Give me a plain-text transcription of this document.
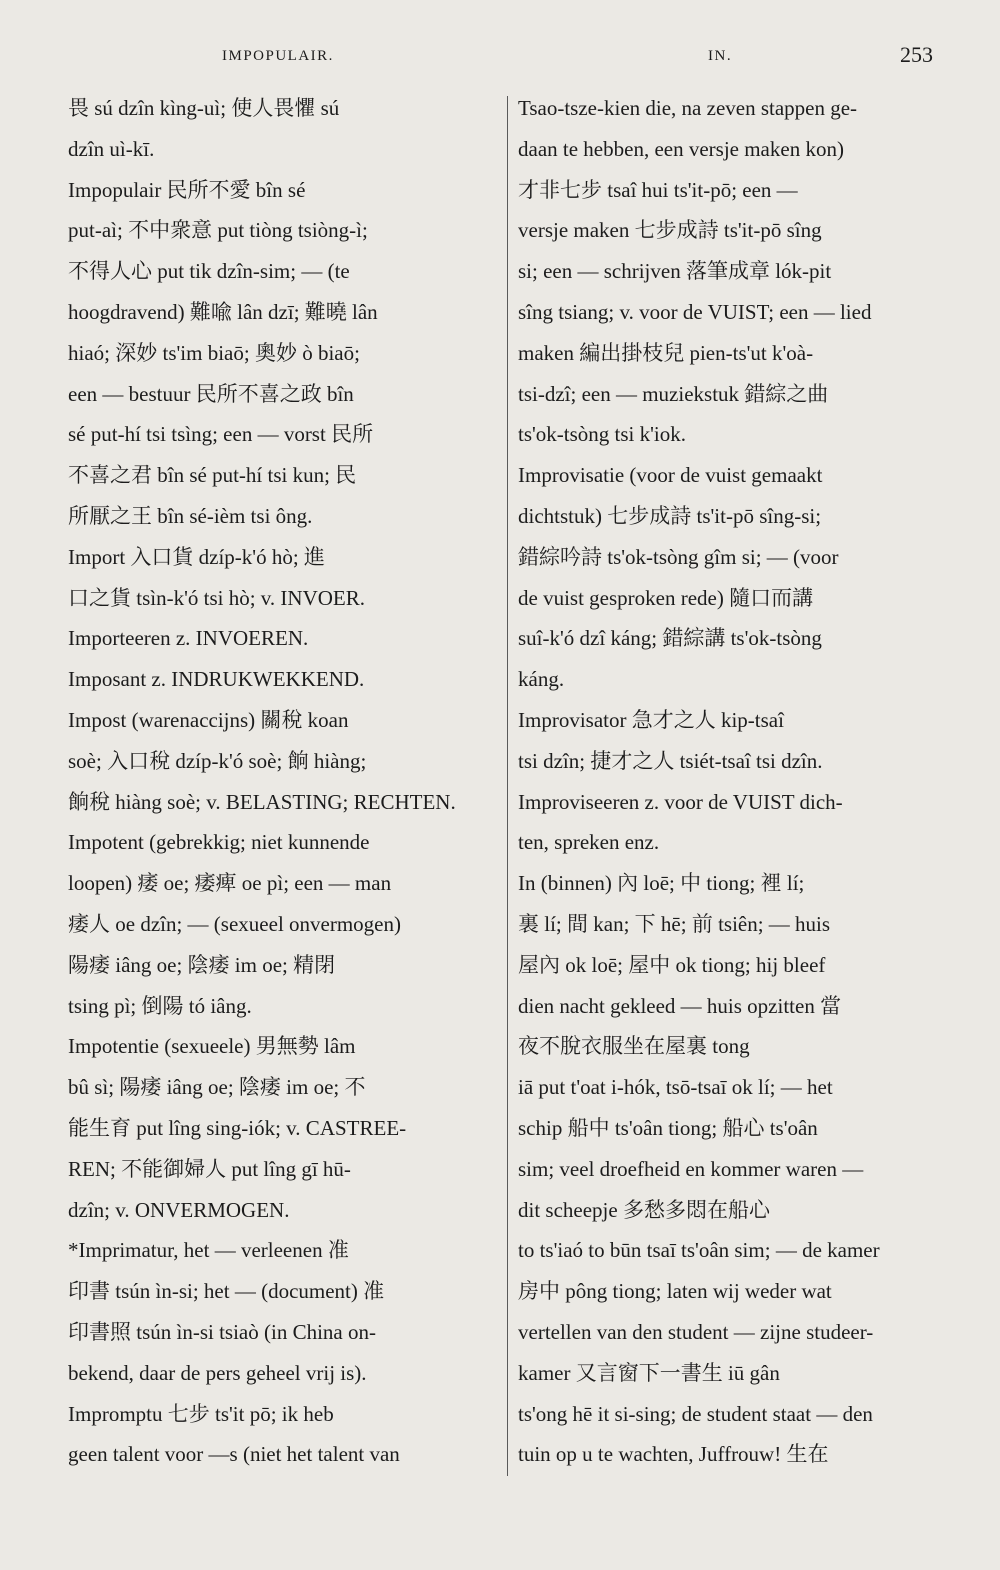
IMPOPULAIR.	IN.	253
畏 sú dzîn kìng-uì; 使人畏懼 sú
dzîn uì-kī.
Impopulair 民所不愛 bîn sé
put-aì; 不中衆意 put tiòng tsiòng-ì;
不得人心 put tik dzîn-sim; — (te
hoogdravend) 難喩 lân dzī; 難曉 lân
hiaó; 深妙 ts'im biaō; 奧妙 ò biaō;
een — bestuur 民所不喜之政 bîn
sé put-hí tsi tsìng; een — vorst 民所
不喜之君 bîn sé put-hí tsi kun; 民
所厭之王 bîn sé-ièm tsi ông.
Import 入口貨 dzíp-k'ó hò; 進
口之貨 tsìn-k'ó tsi hò; v. INVOER.
Importeeren z. INVOEREN.
Imposant z. INDRUKWEKKEND.
Impost (warenaccijns) 關稅 koan
soè; 入口稅 dzíp-k'ó soè; 餉 hiàng;
餉稅 hiàng soè; v. BELASTING; RECHTEN.
Impotent (gebrekkig; niet kunnende
loopen) 痿 oe; 痿痺 oe pì; een — man
痿人 oe dzîn; — (sexueel onvermogen)
陽痿 iâng oe; 陰痿 im oe; 精閉
tsing pì; 倒陽 tó iâng.
Impotentie (sexueele) 男無勢 lâm
bû sì; 陽痿 iâng oe; 陰痿 im oe; 不
能生育 put lîng sing-iók; v. CASTREE-
REN; 不能御婦人 put lîng gī hū-
dzîn; v. ONVERMOGEN.
*Imprimatur, het — verleenen 准
印書 tsún ìn-si; het — (document) 准
印書照 tsún ìn-si tsiaò (in China on-
bekend, daar de pers geheel vrij is).
Impromptu 七步 ts'it pō; ik heb
geen talent voor —s (niet het talent van
Tsao-tsze-kien die, na zeven stappen ge-
daan te hebben, een versje maken kon)
才非七步 tsaî hui ts'it-pō; een —
versje maken 七步成詩 ts'it-pō sîng
si; een — schrijven 落筆成章 lók-pit
sîng tsiang; v. voor de VUIST; een — lied
maken 編出掛枝兒 pien-ts'ut k'oà-
tsi-dzî; een — muziekstuk 錯綜之曲
ts'ok-tsòng tsi k'iok.
Improvisatie (voor de vuist gemaakt
dichtstuk) 七步成詩 ts'it-pō sîng-si;
錯綜吟詩 ts'ok-tsòng gîm si; — (voor
de vuist gesproken rede) 隨口而講
suî-k'ó dzî káng; 錯綜講 ts'ok-tsòng
káng.
Improvisator 急才之人 kip-tsaî
tsi dzîn; 捷才之人 tsiét-tsaî tsi dzîn.
Improviseeren z. voor de VUIST dich-
ten, spreken enz.
In (binnen) 內 loē; 中 tiong; 裡 lí;
裏 lí; 間 kan; 下 hē; 前 tsiên; — huis
屋內 ok loē; 屋中 ok tiong; hij bleef
dien nacht gekleed — huis opzitten 當
夜不脫衣服坐在屋裏 tong
iā put t'oat i-hók, tsō-tsaī ok lí; — het
schip 船中 ts'oân tiong; 船心 ts'oân
sim; veel droefheid en kommer waren —
dit scheepje 多愁多悶在船心
to ts'iaó to būn tsaī ts'oân sim; — de kamer
房中 pông tiong; laten wij weder wat
vertellen van den student — zijne studeer-
kamer 又言窗下一書生 iū gân
ts'ong hē it si-sing; de student staat — den
tuin op u te wachten, Juffrouw! 生在
